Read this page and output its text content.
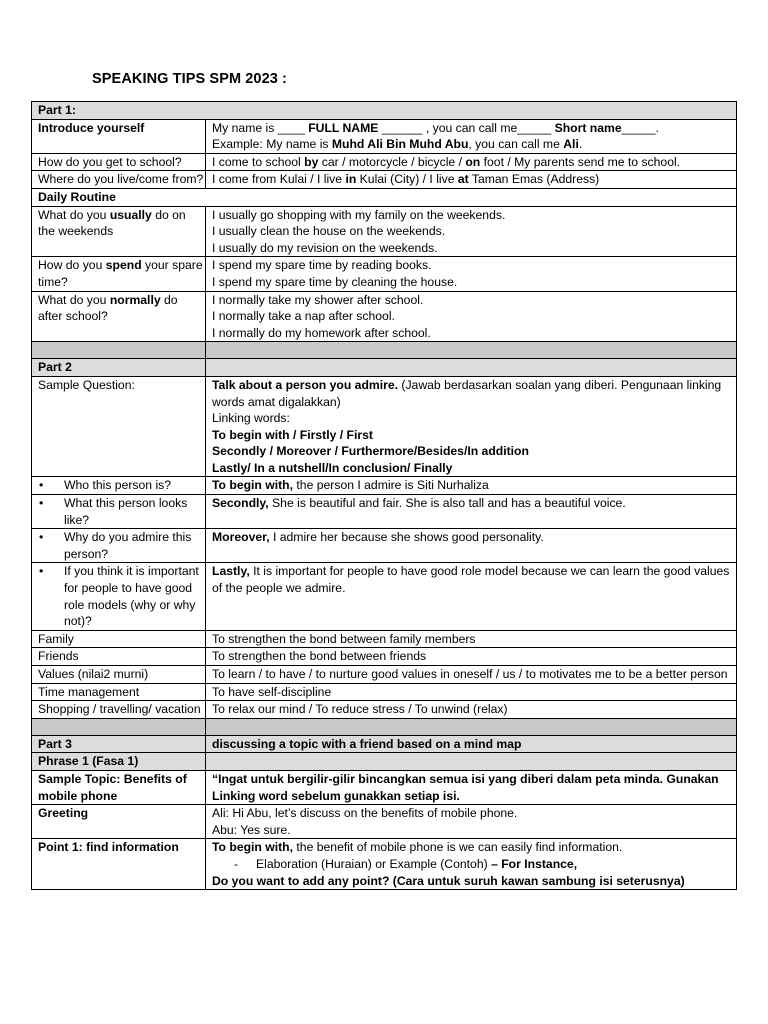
SPEAKING TIPS SPM 2023 :
Part 1:	
Introduce yourself	My name is ____ FULL NAME ______ , you can call me_____ Short name_____.
Example: My name is Muhd Ali Bin Muhd Abu, you can call me Ali.

How do you get to school?	I come to school by car / motorcycle / bicycle / on foot / My parents send me to school.

Where do you live/come from?	I come from Kulai / I live in Kulai (City) / I live at Taman Emas (Address)

Daily Routine	
What do you usually do on the weekends	I usually go shopping with my family on the weekends.
I usually clean the house on the weekends.
I usually do my revision on the weekends.

How do you spend your spare time?	I spend my spare time by reading books.
I spend my spare time by cleaning the house.

What do you normally do after school?	I normally take my shower after school.
I normally take a nap after school.
I normally do my homework after school.

Part 2	
Sample Question:	Talk about a person you admire. (Jawab berdasarkan soalan yang diberi. Pengunaan linking words amat digalakkan)
Linking words:
To begin with / Firstly / First
Secondly / Moreover / Furthermore/Besides/In addition
Lastly/ In a nutshell/In conclusion/ Finally

• Who this person is?	To begin with, the person I admire is Siti Nurhaliza

• What this person looks like?	Secondly, She is beautiful and fair. She is also tall and has a beautiful voice.

• Why do you admire this person?	Moreover, I admire her because she shows good personality.

• If you think it is important for people to have good role models (why or why not)?	Lastly, It is important for people to have good role model because we can learn the good values of the people we admire.

Family	To strengthen the bond between family members
Friends	To strengthen the bond between friends
Values (nilai2 murni)	To learn / to have / to nurture good values in oneself / us / to motivates me to be a better person
Time management	To have self-discipline
Shopping / travelling/ vacation	To relax our mind / To reduce stress / To unwind (relax)

Part 3	discussing a topic with a friend based on a mind map
Phrase 1 (Fasa 1)	
Sample Topic: Benefits of mobile phone	“Ingat untuk bergilir-gilir bincangkan semua isi yang diberi dalam peta minda. Gunakan Linking word sebelum gunakkan setiap isi.
Greeting	Ali: Hi Abu, let’s discuss on the benefits of mobile phone.
Abu: Yes sure.

Point 1: find information	To begin with, the benefit of mobile phone is we can easily find information.
- Elaboration (Huraian) or Example (Contoh) – For Instance,
Do you want to add any point? (Cara untuk suruh kawan sambung isi seterusnya)
